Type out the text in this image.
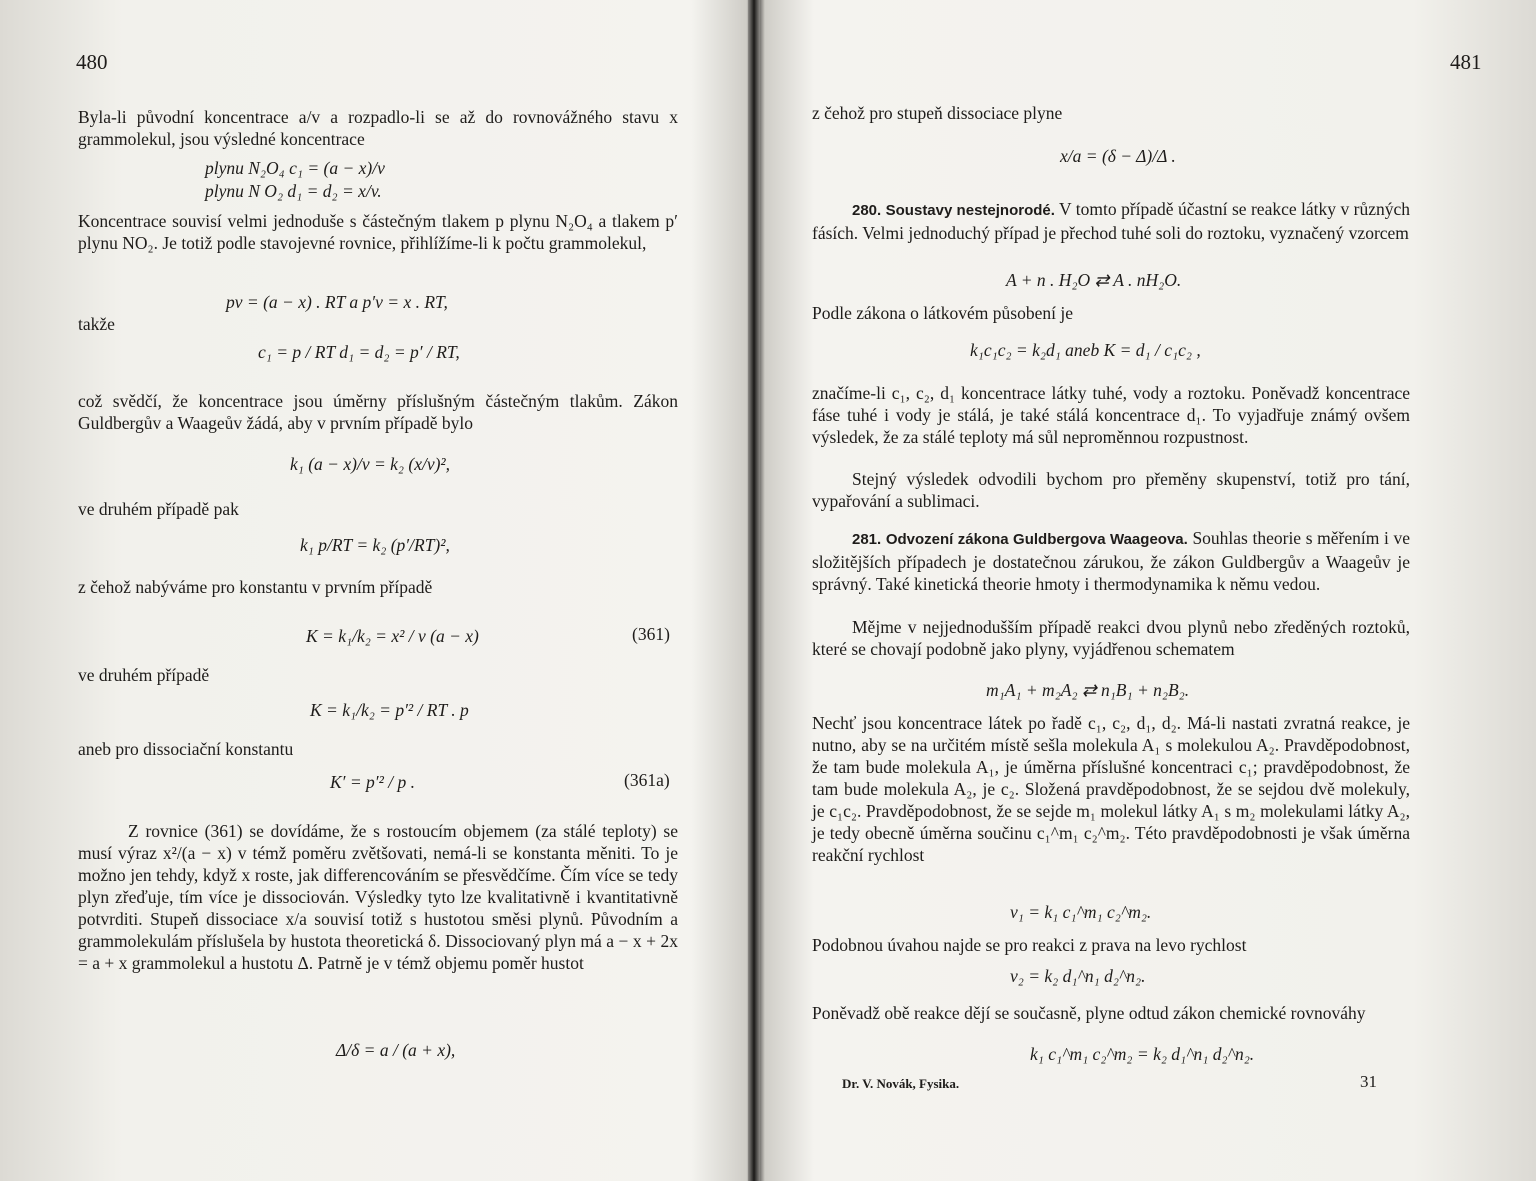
480
Byla-li původní koncentrace a/v a rozpadlo-li se až do rovnovážného stavu x grammolekul, jsou výsledné koncentrace
plynu N₂O₄ c₁ = (a − x)/v
plynu N O₂ d₁ = d₂ = x/v.
Koncentrace souvisí velmi jednoduše s částečným tlakem p plynu N₂O₄ a tlakem p′ plynu NO₂. Je totiž podle stavojevné rovnice, přihlížíme-li k počtu grammolekul,
pv = (a − x) . RT a p′v = x . RT,
takže
c₁ = p / RT d₁ = d₂ = p′ / RT,
což svědčí, že koncentrace jsou úměrny příslušným částečným tlakům. Zákon Guldbergův a Waageův žádá, aby v prvním případě bylo
k₁ (a − x)/v = k₂ (x/v)²,
ve druhém případě pak
k₁ p/RT = k₂ (p′/RT)²,
z čehož nabýváme pro konstantu v prvním případě
K = k₁/k₂ = x² / v (a − x)	(361)
ve druhém případě
K = k₁/k₂ = p′² / RT . p
aneb pro dissociační konstantu
K′ = p′² / p .	(361a)
Z rovnice (361) se dovídáme, že s rostoucím objemem (za stálé teploty) se musí výraz x²/(a − x) v témž poměru zvětšovati, nemá-li se konstanta měniti. To je možno jen tehdy, když x roste, jak differencováním se přesvědčíme. Čím více se tedy plyn zřeďuje, tím více je dissociován. Výsledky tyto lze kvalitativně i kvantitativně potvrditi. Stupeň dissociace x/a souvisí totiž s hustotou směsi plynů. Původním a grammolekulám příslušela by hustota theoretická δ. Dissociovaný plyn má a − x + 2x = a + x grammolekul a hustotu Δ. Patrně je v témž objemu poměr hustot
Δ/δ = a / (a + x),
481
z čehož pro stupeň dissociace plyne
x/a = (δ − Δ)/Δ .
280. Soustavy nestejnorodé. V tomto případě účastní se reakce látky v různých fásích. Velmi jednoduchý případ je přechod tuhé soli do roztoku, vyznačený vzorcem
A + n . H₂O ⇄ A . nH₂O.
Podle zákona o látkovém působení je
k₁c₁c₂ = k₂d₁ aneb K = d₁ / c₁c₂ ,
značíme-li c₁, c₂, d₁ koncentrace látky tuhé, vody a roztoku. Poněvadž koncentrace fáse tuhé i vody je stálá, je také stálá koncentrace d₁. To vyjadřuje známý ovšem výsledek, že za stálé teploty má sůl neproměnnou rozpustnost.
Stejný výsledek odvodili bychom pro přeměny skupenství, totiž pro tání, vypařování a sublimaci.
281. Odvození zákona Guldbergova Waageova. Souhlas theorie s měřením i ve složitějších případech je dostatečnou zárukou, že zákon Guldbergův a Waageův je správný. Také kinetická theorie hmoty i thermodynamika k němu vedou.
Mějme v nejjednodušším případě reakci dvou plynů nebo zředěných roztoků, které se chovají podobně jako plyny, vyjádřenou schematem
m₁A₁ + m₂A₂ ⇄ n₁B₁ + n₂B₂.
Nechť jsou koncentrace látek po řadě c₁, c₂, d₁, d₂. Má-li nastati zvratná reakce, je nutno, aby se na určitém místě sešla molekula A₁ s molekulou A₂. Pravděpodobnost, že tam bude molekula A₁, je úměrna příslušné koncentraci c₁; pravděpodobnost, že tam bude molekula A₂, je c₂. Složená pravděpodobnost, že se sejdou dvě molekuly, je c₁c₂. Pravděpodobnost, že se sejde m₁ molekul látky A₁ s m₂ molekulami látky A₂, je tedy obecně úměrna součinu c₁^m₁ c₂^m₂. Této pravděpodobnosti je však úměrna reakční rychlost
v₁ = k₁ c₁^m₁ c₂^m₂.
Podobnou úvahou najde se pro reakci z prava na levo rychlost
v₂ = k₂ d₁^n₁ d₂^n₂.
Poněvadž obě reakce dějí se současně, plyne odtud zákon chemické rovnováhy
k₁ c₁^m₁ c₂^m₂ = k₂ d₁^n₁ d₂^n₂.
Dr. V. Novák, Fysika.	31
